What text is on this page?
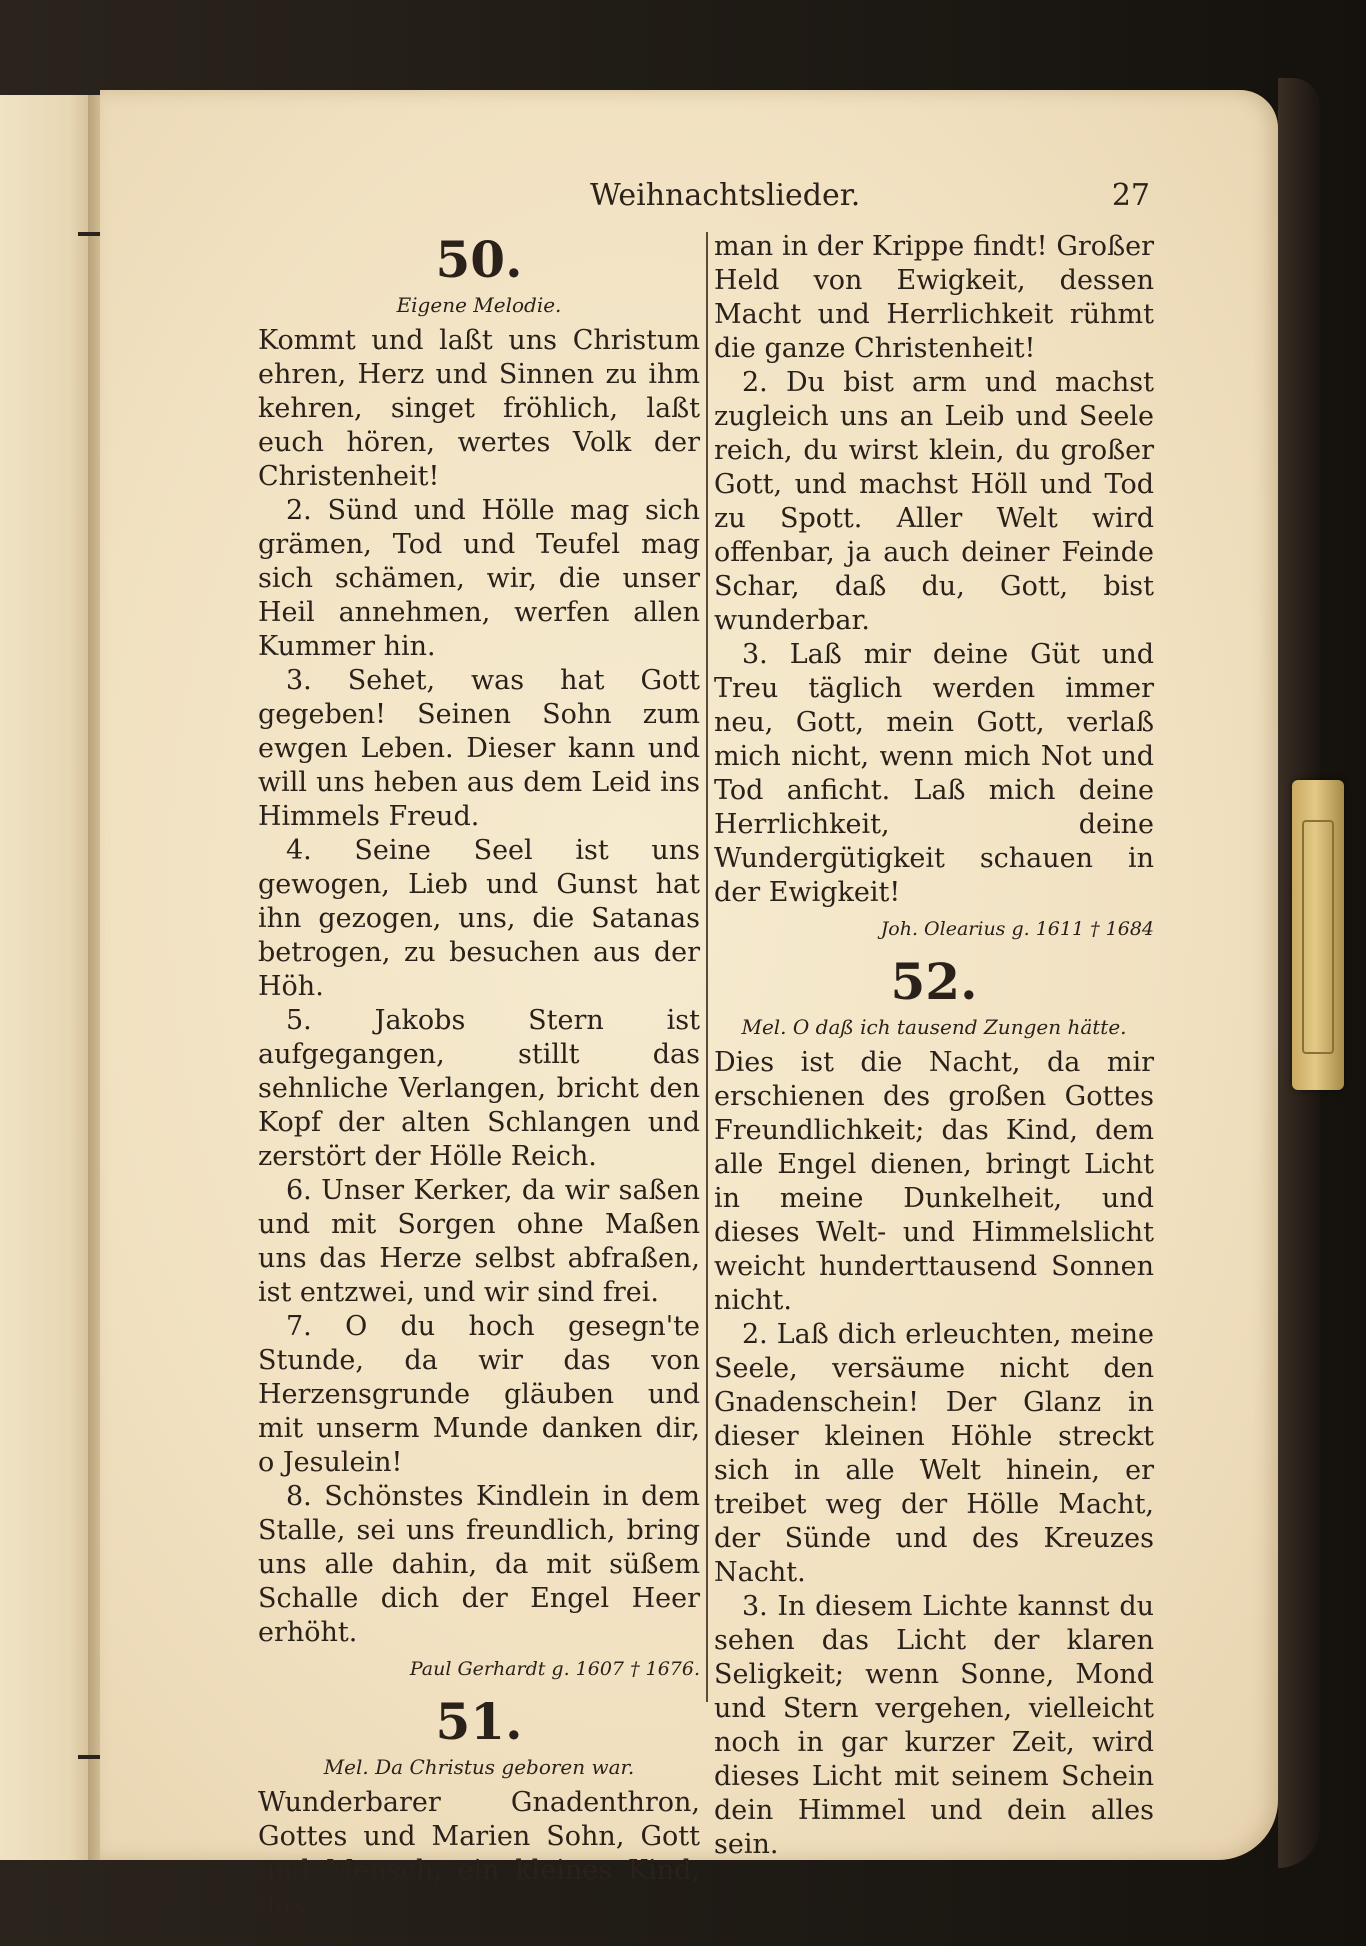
Weihnachtslieder.	27
50.
Eigene Melodie.

Kommt und laßt uns Christum ehren, Herz und Sinnen zu ihm kehren, singet fröhlich, laßt euch hören, wertes Volk der Christenheit!

2. Sünd und Hölle mag sich grämen, Tod und Teufel mag sich schämen, wir, die unser Heil annehmen, werfen allen Kummer hin.

3. Sehet, was hat Gott gegeben! Seinen Sohn zum ewgen Leben. Dieser kann und will uns heben aus dem Leid ins Himmels Freud.

4. Seine Seel ist uns gewogen, Lieb und Gunst hat ihn gezogen, uns, die Satanas betrogen, zu besuchen aus der Höh.

5. Jakobs Stern ist aufgegangen, stillt das sehnliche Verlangen, bricht den Kopf der alten Schlangen und zerstört der Hölle Reich.

6. Unser Kerker, da wir saßen und mit Sorgen ohne Maßen uns das Herze selbst abfraßen, ist entzwei, und wir sind frei.

7. O du hoch gesegn'te Stunde, da wir das von Herzensgrunde gläuben und mit unserm Munde danken dir, o Jesulein!

8. Schönstes Kindlein in dem Stalle, sei uns freundlich, bring uns alle dahin, da mit süßem Schalle dich der Engel Heer erhöht.

Paul Gerhardt g. 1607 † 1676.
51.
Mel. Da Christus geboren war.

Wunderbarer Gnadenthron, Gottes und Marien Sohn, Gott und Mensch, ein kleines Kind, das

man in der Krippe findt! Großer Held von Ewigkeit, dessen Macht und Herrlichkeit rühmt die ganze Christenheit!

2. Du bist arm und machst zugleich uns an Leib und Seele reich, du wirst klein, du großer Gott, und machst Höll und Tod zu Spott. Aller Welt wird offenbar, ja auch deiner Feinde Schar, daß du, Gott, bist wunderbar.

3. Laß mir deine Güt und Treu täglich werden immer neu, Gott, mein Gott, verlaß mich nicht, wenn mich Not und Tod anficht. Laß mich deine Herrlichkeit, deine Wundergütigkeit schauen in der Ewigkeit!

Joh. Olearius g. 1611 † 1684
52.
Mel. O daß ich tausend Zungen hätte.

Dies ist die Nacht, da mir erschienen des großen Gottes Freundlichkeit; das Kind, dem alle Engel dienen, bringt Licht in meine Dunkelheit, und dieses Welt- und Himmelslicht weicht hunderttausend Sonnen nicht.

2. Laß dich erleuchten, meine Seele, versäume nicht den Gnadenschein! Der Glanz in dieser kleinen Höhle streckt sich in alle Welt hinein, er treibet weg der Hölle Macht, der Sünde und des Kreuzes Nacht.

3. In diesem Lichte kannst du sehen das Licht der klaren Seligkeit; wenn Sonne, Mond und Stern vergehen, vielleicht noch in gar kurzer Zeit, wird dieses Licht mit seinem Schein dein Himmel und dein alles sein.
